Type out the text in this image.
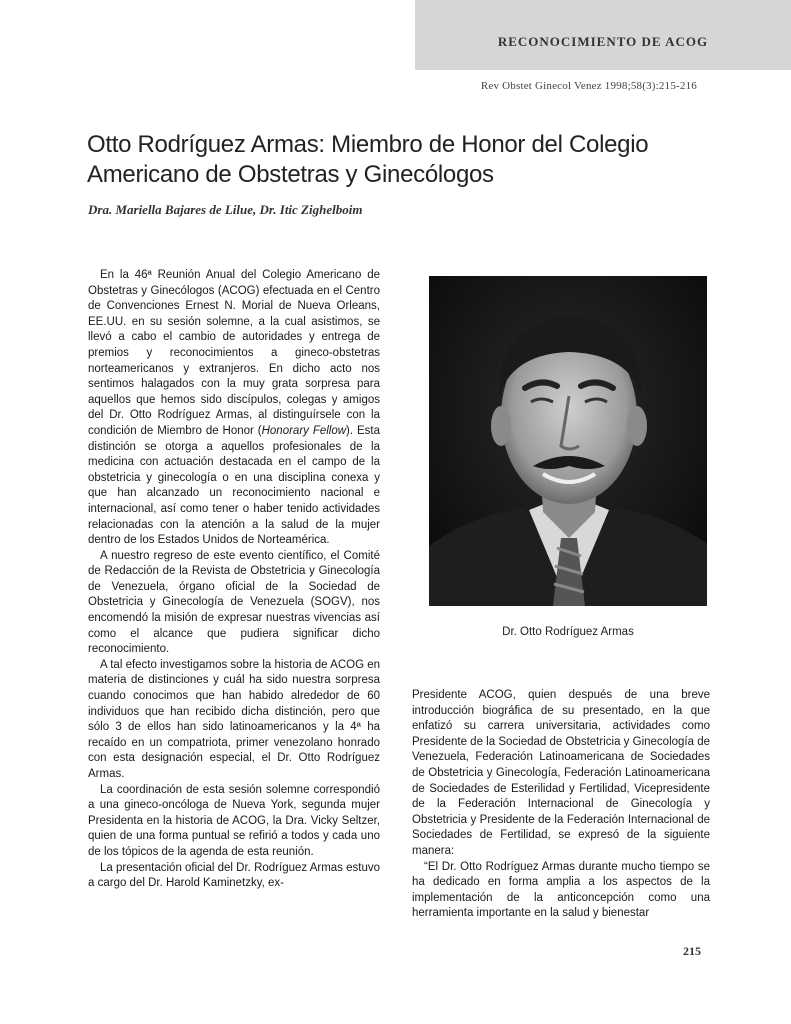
RECONOCIMIENTO DE ACOG
Rev Obstet Ginecol Venez 1998;58(3):215-216
Otto Rodríguez Armas: Miembro de Honor del Colegio Americano de Obstetras y Ginecólogos
Dra. Mariella Bajares de Lilue, Dr. Itic Zighelboim

En la 46ª Reunión Anual del Colegio Americano de Obstetras y Ginecólogos (ACOG) efectuada en el Centro de Convenciones Ernest N. Morial de Nueva Orleans, EE.UU. en su sesión solemne, a la cual asistimos, se llevó a cabo el cambio de autoridades y entrega de premios y reconocimientos a gineco-obstetras norteamericanos y extranjeros. En dicho acto nos sentimos halagados con la muy grata sorpresa para aquellos que hemos sido discípulos, colegas y amigos del Dr. Otto Rodríguez Armas, al distinguírsele con la condición de Miembro de Honor (Honorary Fellow). Esta distinción se otorga a aquellos profesionales de la medicina con actuación destacada en el campo de la obstetricia y ginecología o en una disciplina conexa y que han alcanzado un reconocimiento nacional e internacional, así como tener o haber tenido actividades relacionadas con la atención a la salud de la mujer dentro de los Estados Unidos de Norteamérica.

A nuestro regreso de este evento científico, el Comité de Redacción de la Revista de Obstetricia y Ginecología de Venezuela, órgano oficial de la Sociedad de Obstetricia y Ginecología de Venezuela (SOGV), nos encomendó la misión de expresar nuestras vivencias así como el alcance que pudiera significar dicho reconocimiento.

A tal efecto investigamos sobre la historia de ACOG en materia de distinciones y cuál ha sido nuestra sorpresa cuando conocimos que han habido alrededor de 60 individuos que han recibido dicha distinción, pero que sólo 3 de ellos han sido latinoamericanos y la 4ª ha recaído en un compatriota, primer venezolano honrado con esta designación especial, el Dr. Otto Rodríguez Armas.

La coordinación de esta sesión solemne correspondió a una gineco-oncóloga de Nueva York, segunda mujer Presidenta en la historia de ACOG, la Dra. Vicky Seltzer, quien de una forma puntual se refirió a todos y cada uno de los tópicos de la agenda de esta reunión.

La presentación oficial del Dr. Rodríguez Armas estuvo a cargo del Dr. Harold Kaminetzky, ex-

Dr. Otto Rodríguez Armas

Presidente ACOG, quien después de una breve introducción biográfica de su presentado, en la que enfatizó su carrera universitaria, actividades como Presidente de la Sociedad de Obstetricia y Ginecología de Venezuela, Federación Latinoamericana de Sociedades de Obstetricia y Ginecología, Federación Latinoamericana de Sociedades de Esterilidad y Fertilidad, Vicepresidente de la Federación Internacional de Ginecología y Obstetricia y Presidente de la Federación Internacional de Sociedades de Fertilidad, se expresó de la siguiente manera:

“El Dr. Otto Rodríguez Armas durante mucho tiempo se ha dedicado en forma amplia a los aspectos de la implementación de la anticoncepción como una herramienta importante en la salud y bienestar

215
